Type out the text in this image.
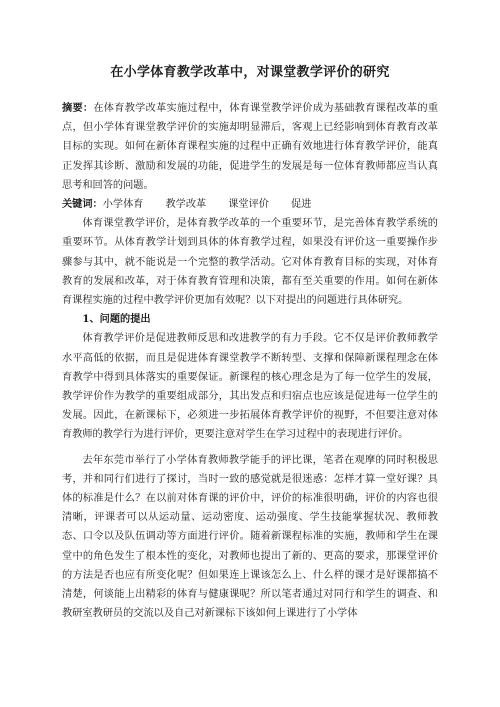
在小学体育教学改革中，对课堂教学评价的研究

摘要：在体育教学改革实施过程中，体育课堂教学评价成为基础教育课程改革的重点，但小学体育课堂教学评价的实施却明显滞后，客观上已经影响到体育教育改革目标的实现。如何在新体育课程实施的过程中正确有效地进行体育教学评价，能真正发挥其诊断、激励和发展的功能，促进学生的发展是每一位体育教师都应当认真思考和回答的问题。

关键词：小学体育 教学改革 课堂评价 促进

体育课堂教学评价，是体育教学改革的一个重要环节，是完善体育教学系统的重要环节。从体育教学计划到具体的体育教学过程，如果没有评价这一重要操作步骤参与其中，就不能说是一个完整的教学活动。它对体育教育目标的实现，对体育教育的发展和改革，对于体育教育管理和决策，都有至关重要的作用。如何在新体育课程实施的过程中教学评价更加有效呢？以下对提出的问题进行具体研究。

1、问题的提出

体育教学评价是促进教师反思和改进教学的有力手段。它不仅是评价教师教学水平高低的依据，而且是促进体育课堂教学不断转型、支撑和保障新课程理念在体育教学中得到具体落实的重要保证。新课程的核心理念是为了每一位学生的发展，教学评价作为教学的重要组成部分，其出发点和归宿点也应该是促进每一位学生的发展。因此，在新课标下，必须进一步拓展体育教学评价的视野，不但要注意对体育教师的教学行为进行评价，更要注意对学生在学习过程中的表现进行评价。

去年东莞市举行了小学体育教师教学能手的评比课，笔者在观摩的同时积极思考，并和同行们进行了探讨，当时一致的感觉就是很迷惑：怎样才算一堂好课？具体的标准是什么？在以前对体育课的评价中，评价的标准很明确，评价的内容也很清晰，评课者可以从运动量、运动密度、运动强度、学生技能掌握状况、教师教态、口令以及队伍调动等方面进行评价。随着新课程标准的实施，教师和学生在课堂中的角色发生了根本性的变化，对教师也提出了新的、更高的要求，那课堂评价的方法是否也应有所变化呢？但如果连上课该怎么上、什么样的课才是好课都搞不清楚，何谈能上出精彩的体育与健康课呢？所以笔者通过对同行和学生的调查、和教研室教研员的交流以及自己对新课标下该如何上课进行了小学体
